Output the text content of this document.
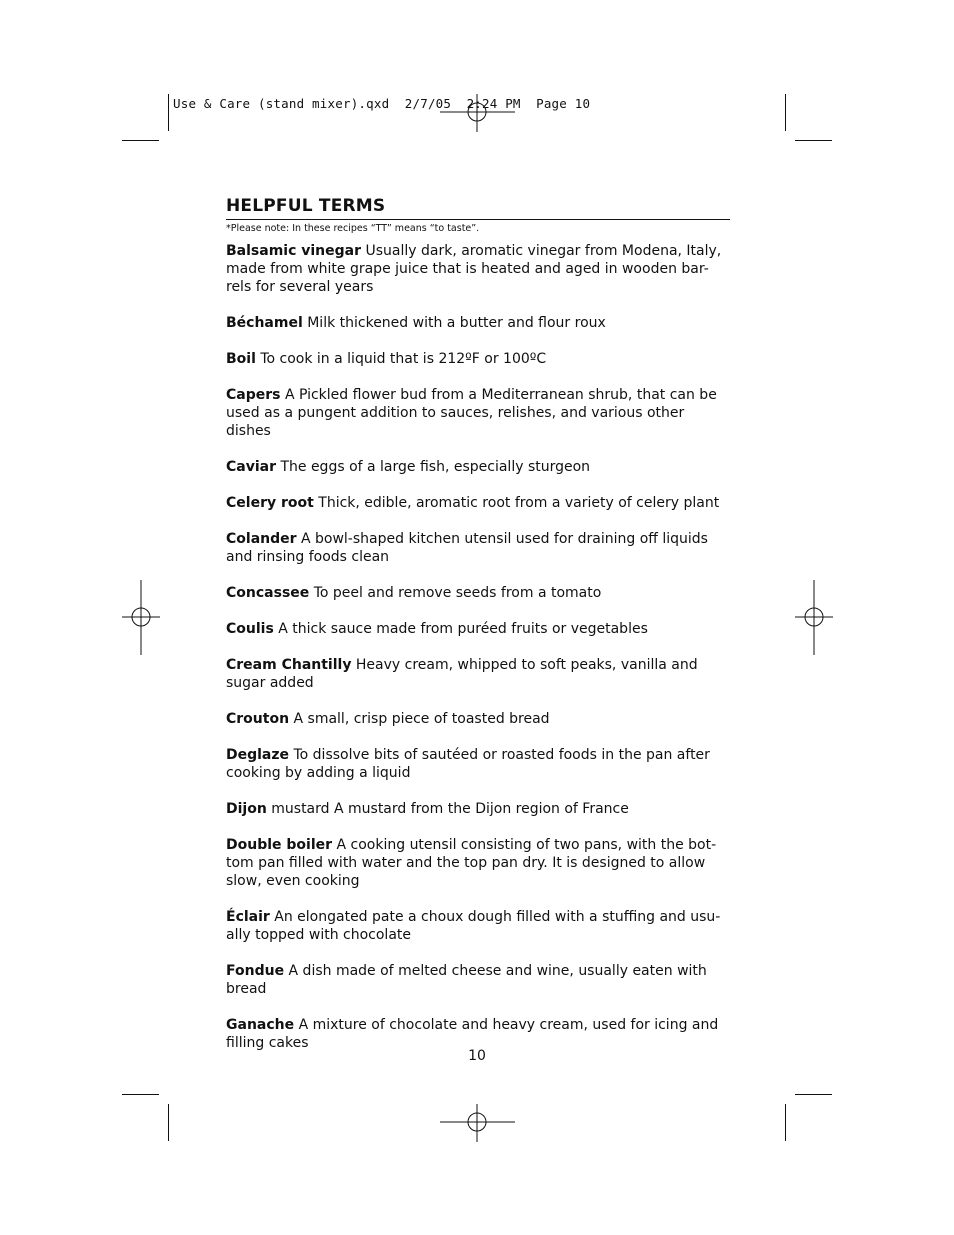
Use & Care (stand mixer).qxd  2/7/05  2:24 PM  Page 10
HELPFUL TERMS
*Please note: In these recipes “TT” means “to taste”.

Balsamic vinegar Usually dark, aromatic vinegar from Modena, Italy, made from white grape juice that is heated and aged in wooden bar-rels for several years

Béchamel Milk thickened with a butter and flour roux

Boil To cook in a liquid that is 212ºF or 100ºC

Capers A Pickled flower bud from a Mediterranean shrub, that can be used as a pungent addition to sauces, relishes, and various other dishes

Caviar The eggs of a large fish, especially sturgeon

Celery root Thick, edible, aromatic root from a variety of celery plant

Colander A bowl-shaped kitchen utensil used for draining off liquids and rinsing foods clean

Concassee To peel and remove seeds from a tomato

Coulis A thick sauce made from puréed fruits or vegetables

Cream Chantilly Heavy cream, whipped to soft peaks, vanilla and sugar added

Crouton A small, crisp piece of toasted bread

Deglaze To dissolve bits of sautéed or roasted foods in the pan after cooking by adding a liquid

Dijon mustard A mustard from the Dijon region of France

Double boiler A cooking utensil consisting of two pans, with the bot-tom pan filled with water and the top pan dry. It is designed to allow slow, even cooking

Éclair An elongated pate a choux dough filled with a stuffing and usu-ally topped with chocolate

Fondue A dish made of melted cheese and wine, usually eaten with bread

Ganache A mixture of chocolate and heavy cream, used for icing and filling cakes

10
